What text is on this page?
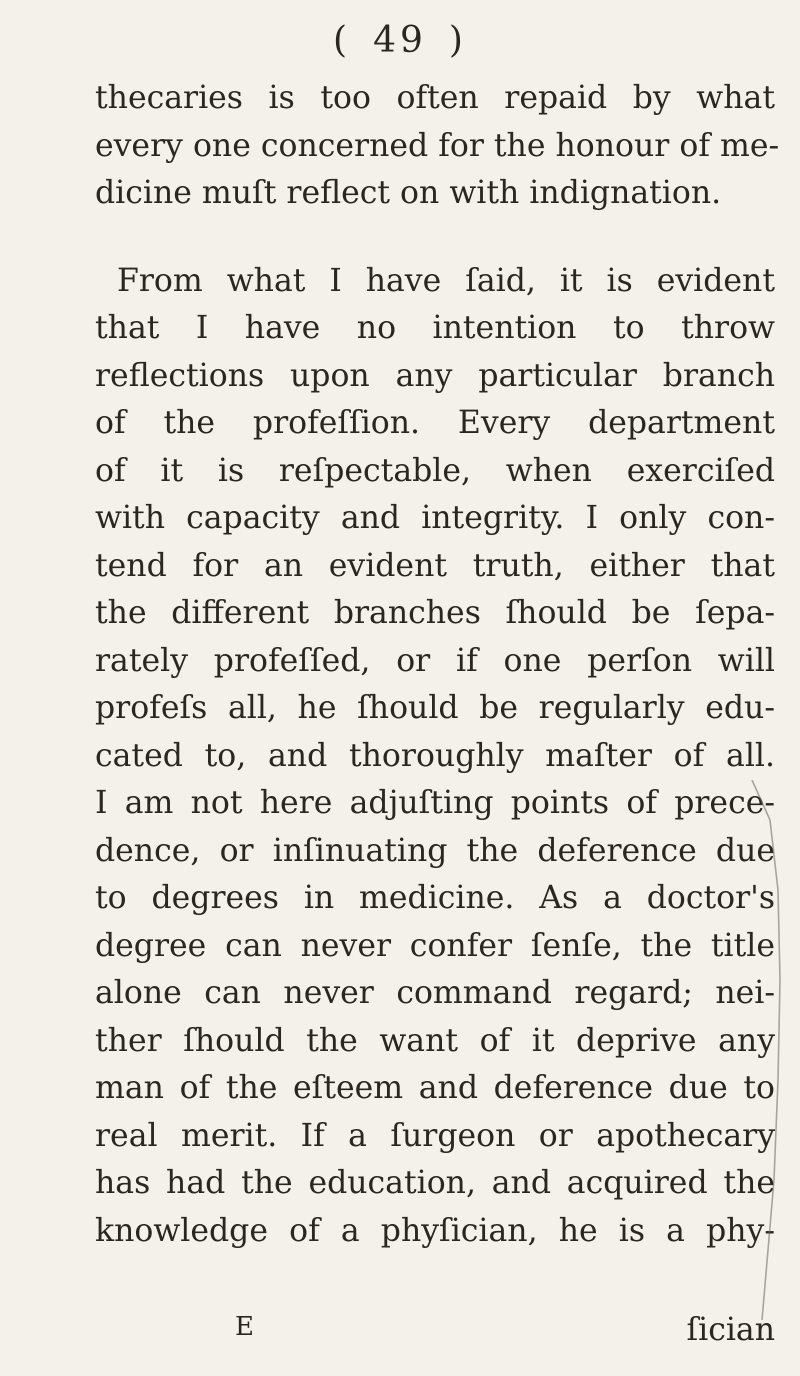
( 49 )
thecaries is too often repaid by what
every one concerned for the honour of me-
dicine muſt reflect on with indignation.
From what I have ſaid, it is evident
that I have no intention to throw
reflections upon any particular branch
of the profeſſion. Every department
of it is reſpectable, when exerciſed
with capacity and integrity. I only con-
tend for an evident truth, either that
the different branches ſhould be ſepa-
rately profeſſed, or if one perſon will
profeſs all, he ſhould be regularly edu-
cated to, and thoroughly maſter of all.
I am not here adjuſting points of prece-
dence, or inſinuating the deference due
to degrees in medicine. As a doctor's
degree can never confer ſenſe, the title
alone can never command regard; nei-
ther ſhould the want of it deprive any
man of the eſteem and deference due to
real merit. If a ſurgeon or apothecary
has had the education, and acquired the
knowledge of a phyſician, he is a phy-
E	ſician
